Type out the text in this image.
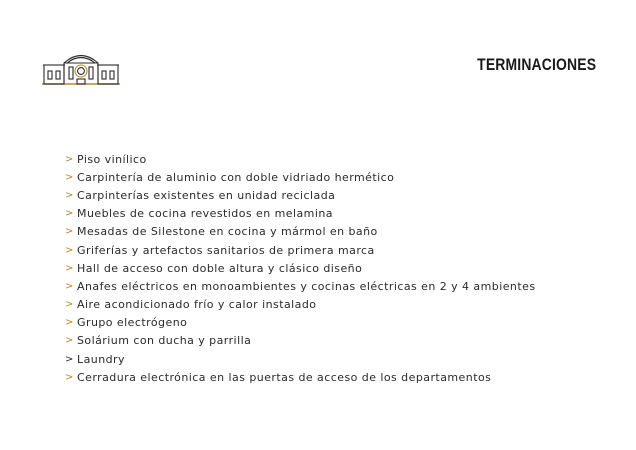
TERMINACIONES
> Piso vinílico
> Carpintería de aluminio con doble vidriado hermético
> Carpinterías existentes en unidad reciclada
> Muebles de cocina revestidos en melamina
> Mesadas de Silestone en cocina y mármol en baño
> Griferías y artefactos sanitarios de primera marca
> Hall de acceso con doble altura y clásico diseño
> Anafes eléctricos en monoambientes y cocinas eléctricas en 2 y 4 ambientes
> Aire acondicionado frío y calor instalado
> Grupo electrógeno
> Solárium con ducha y parrilla
> Laundry
> Cerradura electrónica en las puertas de acceso de los departamentos
